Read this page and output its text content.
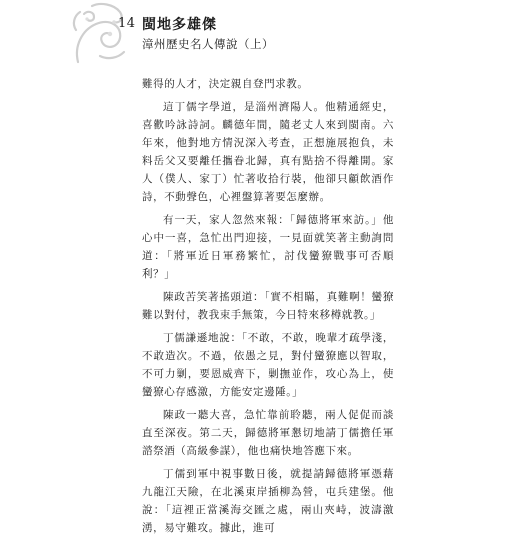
14 閩地多雄傑
漳州歷史名人傳說（上）

難得的人才，決定親自登門求教。

這丁儒字學道，是淄州濟陽人。他精通經史，喜歡吟詠詩詞。麟德年間，隨老丈人來到閩南。六年來，他對地方情況深入考查，正想施展抱負，未料岳父又要離任攜眷北歸，真有點捨不得離開。家人（僕人、家丁）忙著收拾行裝，他卻只顧飲酒作詩，不動聲色，心裡盤算著要怎麼辦。

有一天，家人忽然來報：「歸德將軍來訪。」他心中一喜，急忙出門迎接，一見面就笑著主動詢問道：「將軍近日軍務繁忙，討伐蠻獠戰事可否順利？」

陳政苦笑著搖頭道：「實不相瞞，真難啊！蠻獠難以對付，教我束手無策，今日特來移樽就教。」

丁儒謙遜地說：「不敢，不敢，晚輩才疏學淺，不敢造次。不過，依愚之見，對付蠻獠應以智取，不可力剿，要恩威齊下，剿撫並作，攻心為上，使蠻獠心存感激，方能安定邊陲。」

陳政一聽大喜，急忙靠前聆聽，兩人促促而談直至深夜。第二天，歸德將軍懇切地請丁儒擔任軍諮祭酒（高級參謀），他也痛快地答應下來。

丁儒到軍中視事數日後，就提請歸德將軍憑藉九龍江天險，在北溪東岸插柳為營，屯兵建堡。他說：「這裡正當溪海交匯之處，兩山夾峙，波濤激湧，易守難攻。據此，進可
